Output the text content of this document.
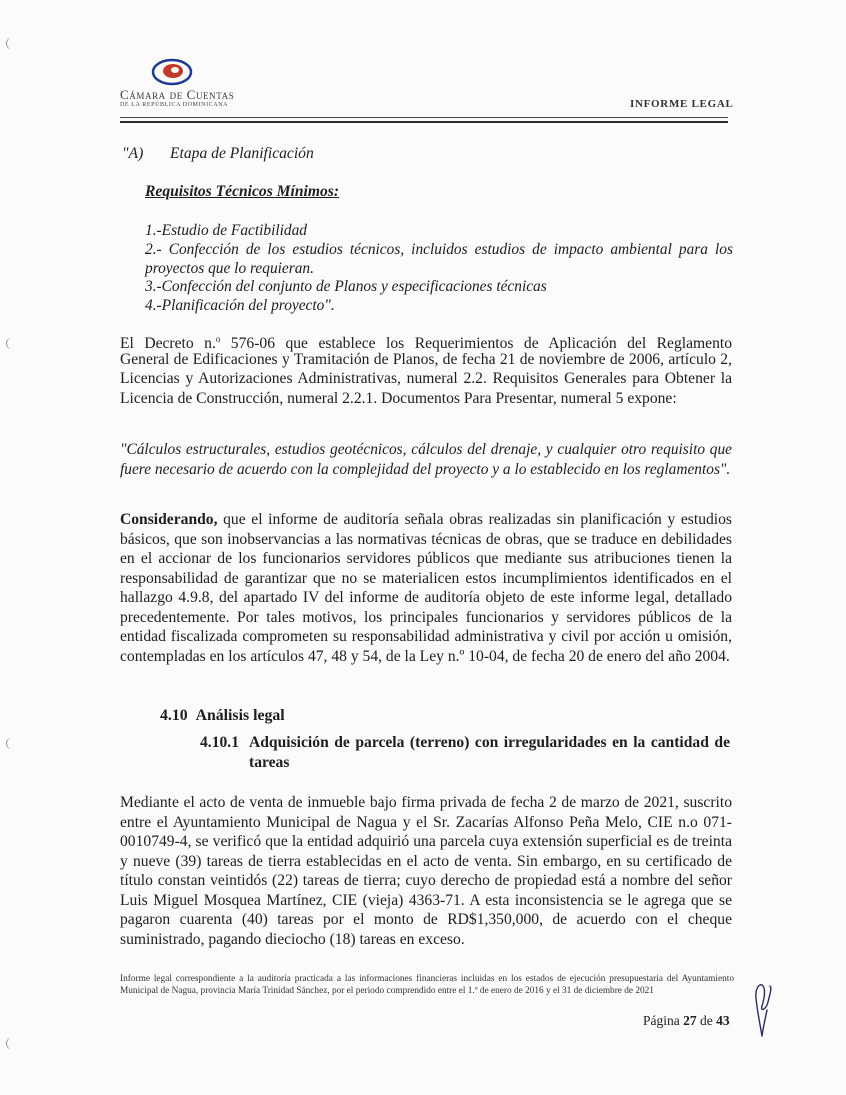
Cámara de Cuentas
DE LA REPÚBLICA DOMINICANA	INFORME LEGAL
"A) Etapa de Planificación
Requisitos Técnicos Mínimos:
1.-Estudio de Factibilidad
2.- Confección de los estudios técnicos, incluidos estudios de impacto ambiental para los
proyectos que lo requieran.
3.-Confección del conjunto de Planos y especificaciones técnicas
4.-Planificación del proyecto".
El Decreto n.$^o$ 576-06 que establece los Requerimientos de Aplicación del Reglamento
General de Edificaciones y Tramitación de Planos, de fecha 21 de noviembre de 2006, artículo 2, Licencias y Autorizaciones Administrativas, numeral 2.2. Requisitos Generales para Obtener la Licencia de Construcción, numeral 2.2.1. Documentos Para Presentar, numeral 5 expone:
"Cálculos estructurales, estudios geotécnicos, cálculos del drenaje, y cualquier otro requisito que fuere necesario de acuerdo con la complejidad del proyecto y a lo establecido en los reglamentos".
Considerando, que el informe de auditoría señala obras realizadas sin planificación y estudios básicos, que son inobservancias a las normativas técnicas de obras, que se traduce en debilidades en el accionar de los funcionarios servidores públicos que mediante sus atribuciones tienen la responsabilidad de garantizar que no se materialicen estos incumplimientos identificados en el hallazgo 4.9.8, del apartado IV del informe de auditoría objeto de este informe legal, detallado precedentemente. Por tales motivos, los principales funcionarios y servidores públicos de la entidad fiscalizada comprometen su responsabilidad administrativa y civil por acción u omisión, contempladas en los artículos 47, 48 y 54, de la Ley n.º 10-04, de fecha 20 de enero del año 2004.
4.10 Análisis legal
4.10.1 Adquisición de parcela (terreno) con irregularidades en la cantidad de tareas
Mediante el acto de venta de inmueble bajo firma privada de fecha 2 de marzo de 2021, suscrito entre el Ayuntamiento Municipal de Nagua y el Sr. Zacarías Alfonso Peña Melo, CIE n.o 071- 0010749-4, se verificó que la entidad adquirió una parcela cuya extensión superficial es de treinta y nueve (39) tareas de tierra establecidas en el acto de venta. Sin embargo, en su certificado de título constan veintidós (22) tareas de tierra; cuyo derecho de propiedad está a nombre del señor Luis Miguel Mosquea Martínez, CIE (vieja) 4363-71. A esta inconsistencia se le agrega que se pagaron cuarenta (40) tareas por el monto de RD$1,350,000, de acuerdo con el cheque suministrado, pagando dieciocho (18) tareas en exceso.
Informe legal correspondiente a la auditoría practicada a las informaciones financieras incluidas en los estados de ejecución presupuestaria del Ayuntamiento Municipal de Nagua, provincia María Trinidad Sánchez, por el periodo comprendido entre el 1.º de enero de 2016 y el 31 de diciembre de 2021
Página 27 de 43
